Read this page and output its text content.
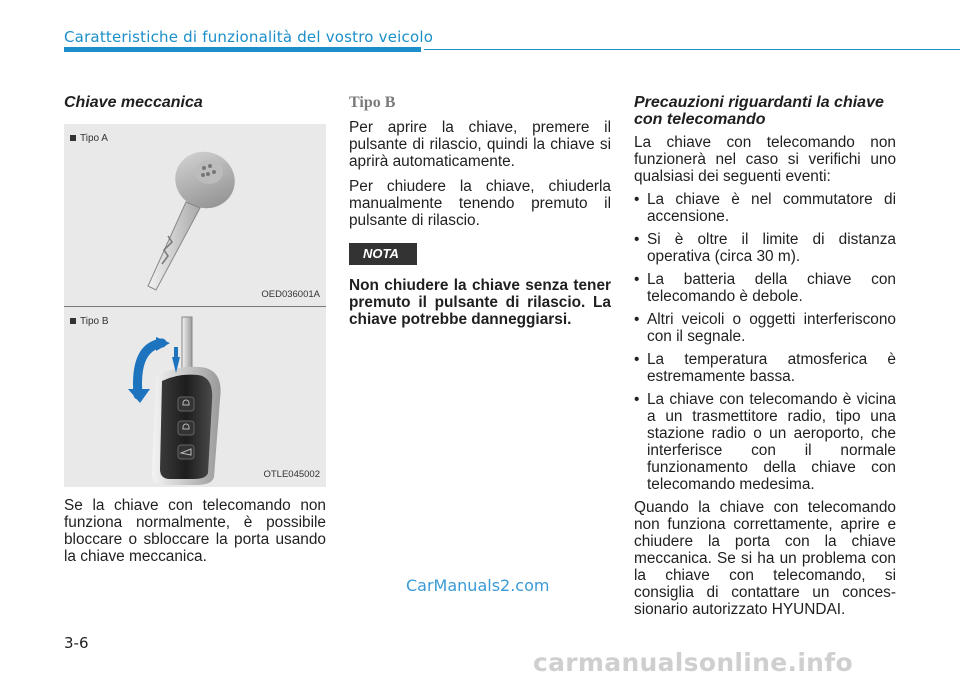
Caratteristiche di funzionalità del vostro veicolo
Chiave meccanica
Tipo A
OED036001A
Tipo B
OTLE045002

Se la chiave con telecomando non funziona normalmente, è possibile bloccare o sbloccare la porta usando la chiave meccanica.

Tipo B

Per aprire la chiave, premere il pulsante di rilascio, quindi la chiave si aprirà automaticamente.

Per chiudere la chiave, chiuderla manualmente tenendo premuto il pulsante di rilascio.

NOTA
Non chiudere la chiave senza tener premuto il pulsante di rilascio. La chiave potrebbe danneggiarsi.
Precauzioni riguardanti la chiave con telecomando

La chiave con telecomando non funzionerà nel caso si verifichi uno qualsiasi dei seguenti eventi:

• La chiave è nel commutatore di accensione.
• Si è oltre il limite di distanza operativa (circa 30 m).
• La batteria della chiave con telecomando è debole.
• Altri veicoli o oggetti interferiscono con il segnale.
• La temperatura atmosferica è estremamente bassa.
• La chiave con telecomando è vicina a un trasmettitore radio, tipo una stazione radio o un aeroporto, che interferisce con il normale funzionamento della chiave con telecomando medesima.

Quando la chiave con telecomando non funziona correttamente, aprire e chiudere la porta con la chiave meccanica. Se si ha un problema con la chiave con telecomando, si consiglia di contattare un conces-sionario autorizzato HYUNDAI.

3-6
CarManuals2.com
carmanualsonline.info
